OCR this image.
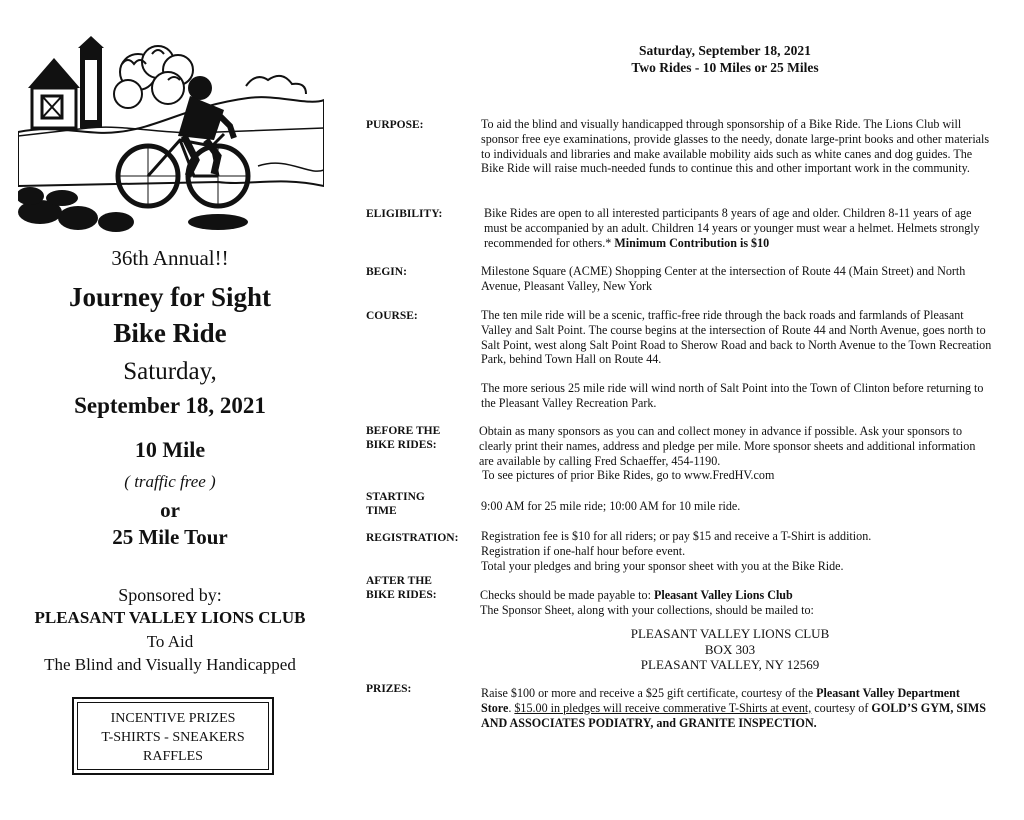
36th Annual!!
Journey for Sight
Bike Ride
Saturday,
September 18, 2021
10 Mile
( traffic free )
or
25 Mile Tour
Sponsored by:
PLEASANT VALLEY LIONS CLUB
To Aid
The Blind and Visually Handicapped
INCENTIVE PRIZES
T-SHIRTS - SNEAKERS
RAFFLES
Saturday, September 18, 2021
Two Rides - 10 Miles or 25 Miles
PURPOSE:	To aid the blind and visually handicapped through sponsorship of a Bike Ride. The Lions Club will sponsor free eye examinations, provide glasses to the needy, donate large-print books and other materials to individuals and libraries and make available mobility aids such as white canes and dog guides. The Bike Ride will raise much-needed funds to continue this and other important work in the community.
ELIGIBILITY:	Bike Rides are open to all interested participants 8 years of age and older. Children 8-11 years of age must be accompanied by an adult. Children 14 years or younger must wear a helmet. Helmets strongly recommended for others.* Minimum Contribution is $10
BEGIN:	Milestone Square (ACME) Shopping Center at the intersection of Route 44 (Main Street) and North Avenue, Pleasant Valley, New York
COURSE:	The ten mile ride will be a scenic, traffic-free ride through the back roads and farmlands of Pleasant Valley and Salt Point. The course begins at the intersection of Route 44 and North Avenue, goes north to Salt Point, west along Salt Point Road to Sherow Road and back to North Avenue to the Town Recreation Park, behind Town Hall on Route 44.
The more serious 25 mile ride will wind north of Salt Point into the Town of Clinton before returning to the Pleasant Valley Recreation Park.
BEFORE THE
BIKE RIDES:
Obtain as many sponsors as you can and collect money in advance if possible. Ask your sponsors to clearly print their names, address and pledge per mile. More sponsor sheets and additional information are available by calling Fred Schaeffer, 454-1190.
To see pictures of prior Bike Rides, go to www.FredHV.com
STARTING
TIME	9:00 AM for 25 mile ride; 10:00 AM for 10 mile ride.
REGISTRATION:	Registration fee is $10 for all riders; or pay $15 and receive a T-Shirt is addition.
Registration if one-half hour before event.
Total your pledges and bring your sponsor sheet with you at the Bike Ride.
AFTER THE
BIKE RIDES:	Checks should be made payable to: Pleasant Valley Lions Club
The Sponsor Sheet, along with your collections, should be mailed to:
PLEASANT VALLEY LIONS CLUB
BOX 303
PLEASANT VALLEY, NY 12569
PRIZES:	Raise $100 or more and receive a $25 gift certificate, courtesy of the Pleasant Valley Department Store. $15.00 in pledges will receive commerative T-Shirts at event, courtesy of GOLD’S GYM, SIMS AND ASSOCIATES PODIATRY, and GRANITE INSPECTION.
